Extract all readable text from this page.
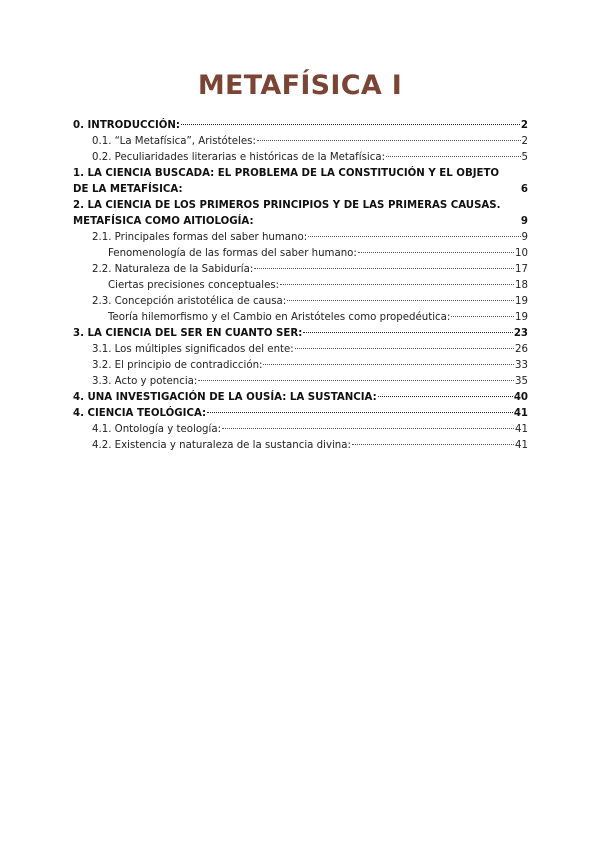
METAFÍSICA I
0. INTRODUCCIÓN:	2
0.1. “La Metafísica”, Aristóteles:	2
0.2. Peculiaridades literarias e históricas de la Metafísica:	5
1. LA CIENCIA BUSCADA: EL PROBLEMA DE LA CONSTITUCIÓN Y EL OBJETO DE LA METAFÍSICA:	6
2. LA CIENCIA DE LOS PRIMEROS PRINCIPIOS Y DE LAS PRIMERAS CAUSAS. METAFÍSICA COMO AITIOLOGÍA:	9
2.1. Principales formas del saber humano:	9
Fenomenología de las formas del saber humano:	10
2.2. Naturaleza de la Sabiduría:	17
Ciertas precisiones conceptuales:	18
2.3. Concepción aristotélica de causa:	19
Teoría hilemorfismo y el Cambio en Aristóteles como propedéutica:	19
3. LA CIENCIA DEL SER EN CUANTO SER:	23
3.1. Los múltiples significados del ente:	26
3.2. El principio de contradicción:	33
3.3. Acto y potencia:	35
4. UNA INVESTIGACIÓN DE LA OUSÍA: LA SUSTANCIA:	40
4. CIENCIA TEOLÓGICA:	41
4.1. Ontología y teología:	41
4.2. Existencia y naturaleza de la sustancia divina:	41
